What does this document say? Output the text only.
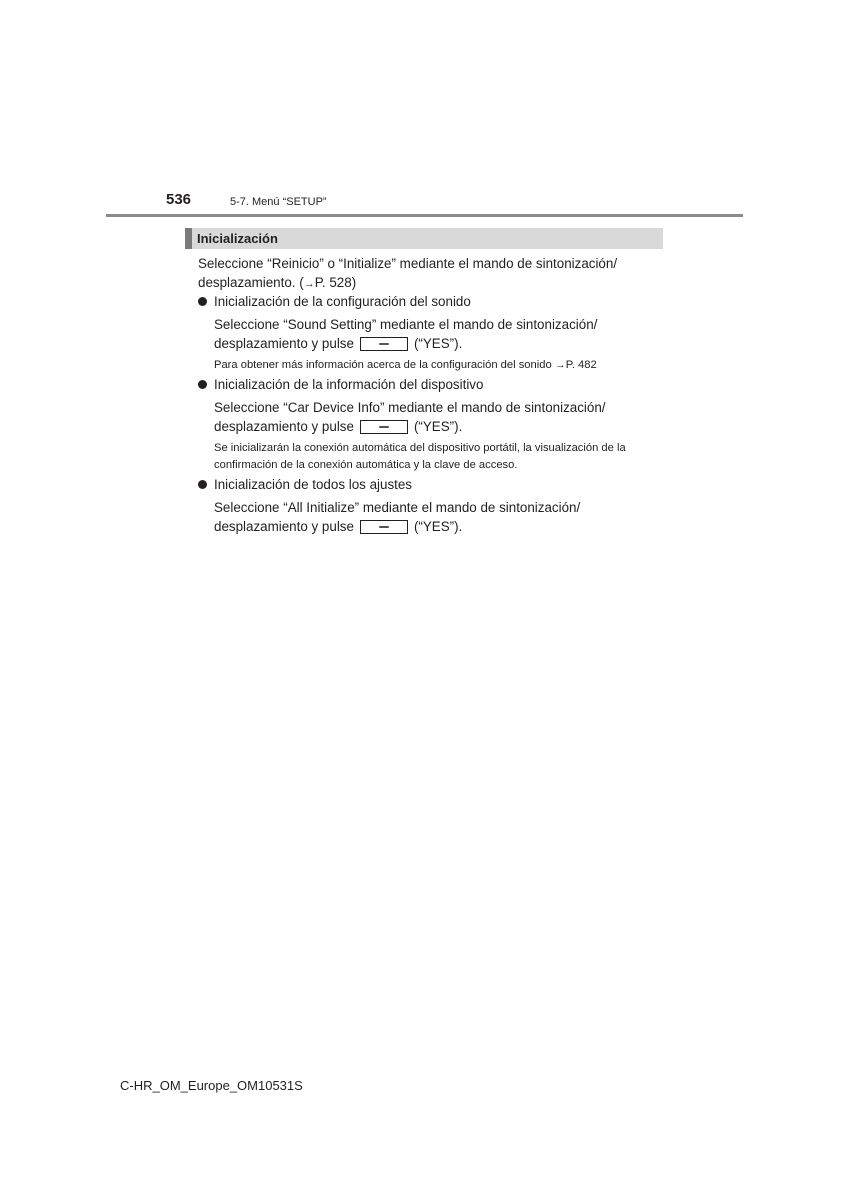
536	5-7. Menú “SETUP”
Inicialización
Seleccione “Reinicio” o “Initialize” mediante el mando de sintonización/
desplazamiento. (→P. 528)
Inicialización de la configuración del sonido
Seleccione “Sound Setting” mediante el mando de sintonización/
desplazamiento y pulse	(“YES”).
Para obtener más información acerca de la configuración del sonido →P. 482
Inicialización de la información del dispositivo
Seleccione “Car Device Info” mediante el mando de sintonización/
desplazamiento y pulse	(“YES”).
Se inicializarán la conexión automática del dispositivo portátil, la visualización de la
confirmación de la conexión automática y la clave de acceso.
Inicialización de todos los ajustes
Seleccione “All Initialize” mediante el mando de sintonización/
desplazamiento y pulse	(“YES”).
C-HR_OM_Europe_OM10531S
